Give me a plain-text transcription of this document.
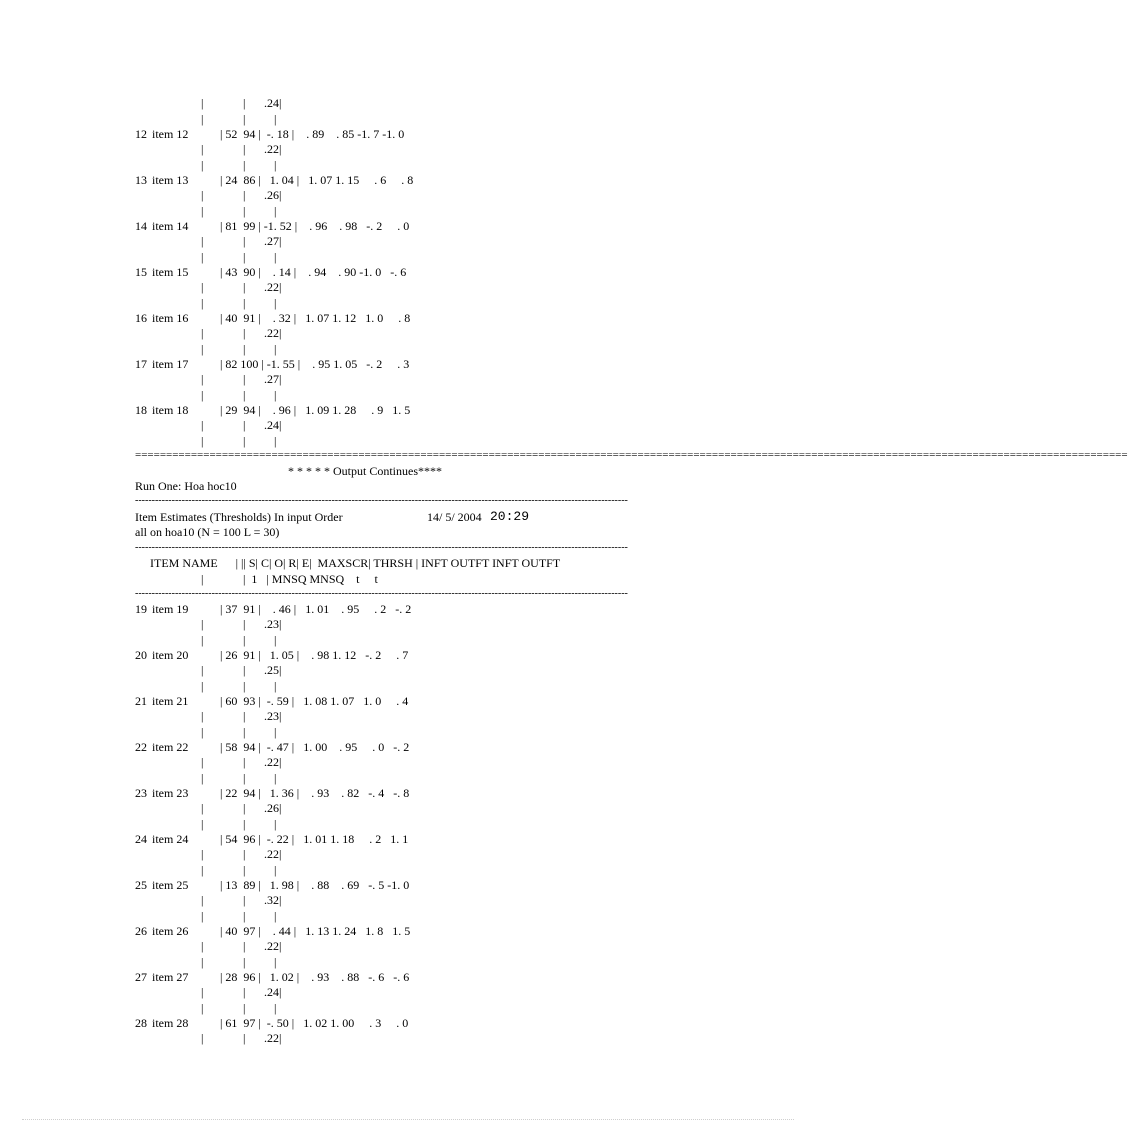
|	| .24|
|	| |
12 item 12	| 52  94 |  -. 18 |    . 89    . 85 -1. 7 -1. 0
|	| .22|
|	| |
13 item 13	| 24  86 |   1. 04 |   1. 07 1. 15     . 6     . 8
|	| .26|
|	| |
14 item 14	| 81  99 | -1. 52 |    . 96    . 98   -. 2     . 0
|	| .27|
|	| |
15 item 15	| 43  90 |    . 14 |    . 94    . 90 -1. 0   -. 6
|	| .22|
|	| |
16 item 16	| 40  91 |    . 32 |   1. 07 1. 12   1. 0     . 8
|	| .22|
|	| |
17 item 17	| 82 100 | -1. 55 |    . 95 1. 05   -. 2     . 3
|	| .27|
|	| |
18 item 18	| 29  94 |    . 96 |   1. 09 1. 28     . 9   1. 5
|	| .24|
|	| |
================================================================================================================================================================
* * * * * Output Continues****
Run One: Hoa hoc10
----------------------------------------------------------------------------------------------------------------------------------------------------
Item Estimates (Thresholds) In input Order	14/ 5/ 2004 20:29
all on hoa10 (N = 100 L = 30)
----------------------------------------------------------------------------------------------------------------------------------------------------
ITEM NAME      | || S| C| O| R| E|  MAXSCR| THRSH | INFT OUTFT INFT OUTFT
|	|  1   | MNSQ MNSQ    t     t
----------------------------------------------------------------------------------------------------------------------------------------------------
19 item 19	| 37  91 |    . 46 |   1. 01    . 95     . 2   -. 2
|	| .23|
|	| |
20 item 20	| 26  91 |   1. 05 |    . 98 1. 12   -. 2     . 7
|	| .25|
|	| |
21 item 21	| 60  93 |  -. 59 |   1. 08 1. 07   1. 0     . 4
|	| .23|
|	| |
22 item 22	| 58  94 |  -. 47 |   1. 00    . 95     . 0   -. 2
|	| .22|
|	| |
23 item 23	| 22  94 |   1. 36 |    . 93    . 82   -. 4   -. 8
|	| .26|
|	| |
24 item 24	| 54  96 |  -. 22 |   1. 01 1. 18     . 2   1. 1
|	| .22|
|	| |
25 item 25	| 13  89 |   1. 98 |    . 88    . 69   -. 5 -1. 0
|	| .32|
|	| |
26 item 26	| 40  97 |    . 44 |   1. 13 1. 24   1. 8   1. 5
|	| .22|
|	| |
27 item 27	| 28  96 |   1. 02 |    . 93    . 88   -. 6   -. 6
|	| .24|
|	| |
28 item 28	| 61  97 |  -. 50 |   1. 02 1. 00     . 3     . 0
|	| .22|
